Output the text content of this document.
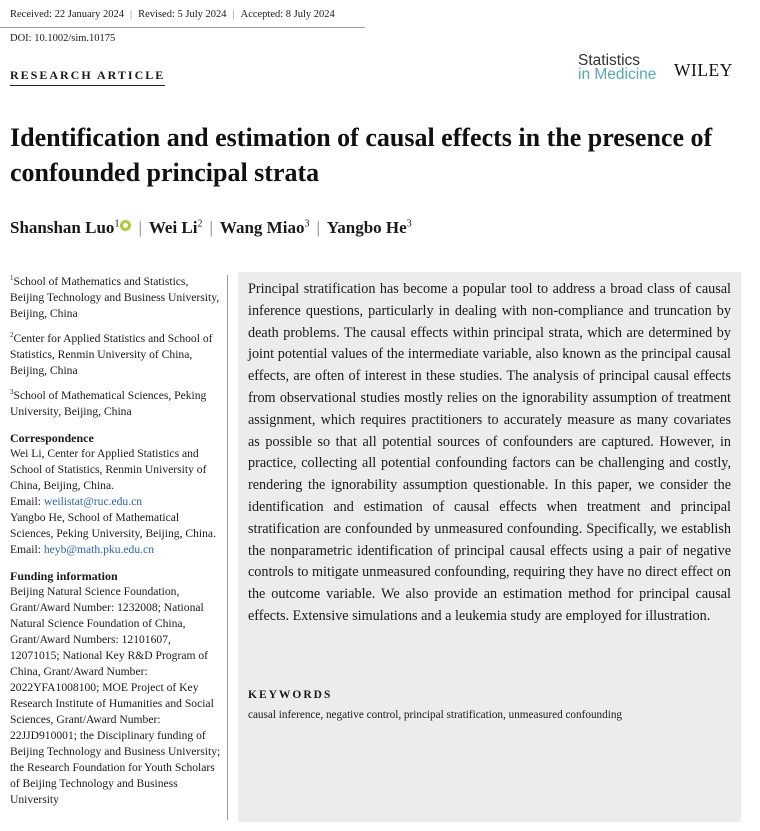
Received: 22 January 2024 | Revised: 5 July 2024 | Accepted: 8 July 2024
DOI: 10.1002/sim.10175
RESEARCH ARTICLE
Statistics
in Medicine WILEY
Identification and estimation of causal effects in the presence of confounded principal strata
Shanshan Luo$^1$ | Wei Li$^2$ | Wang Miao$^3$ | Yangbo He$^3$

$^1$School of Mathematics and Statistics, Beijing Technology and Business University, Beijing, China

$^2$Center for Applied Statistics and School of Statistics, Renmin University of China, Beijing, China

$^3$School of Mathematical Sciences, Peking University, Beijing, China

Correspondence

Wei Li, Center for Applied Statistics and School of Statistics, Renmin University of China, Beijing, China.

Email: weilistat@ruc.edu.cn

Yangbo He, School of Mathematical Sciences, Peking University, Beijing, China.

Email: heyb@math.pku.edu.cn

Funding information

Beijing Natural Science Foundation, Grant/Award Number: 1232008; National Natural Science Foundation of China, Grant/Award Numbers: 12101607, 12071015; National Key R&D Program of China, Grant/Award Number: 2022YFA1008100; MOE Project of Key Research Institute of Humanities and Social Sciences, Grant/Award Number: 22JJD910001; the Disciplinary funding of Beijing Technology and Business University; the Research Foundation for Youth Scholars of Beijing Technology and Business University

Principal stratification has become a popular tool to address a broad class of causal inference questions, particularly in dealing with non-compliance and truncation by death problems. The causal effects within principal strata, which are determined by joint potential values of the intermediate variable, also known as the principal causal effects, are often of interest in these studies. The analysis of principal causal effects from observational studies mostly relies on the ignorability assumption of treatment assignment, which requires practitioners to accurately measure as many covariates as possible so that all potential sources of confounders are captured. However, in practice, collecting all potential confounding factors can be challenging and costly, rendering the ignorability assumption questionable. In this paper, we consider the identification and estimation of causal effects when treatment and principal stratification are confounded by unmeasured confounding. Specifically, we establish the nonparametric identification of principal causal effects using a pair of negative controls to mitigate unmeasured confounding, requiring they have no direct effect on the outcome variable. We also provide an estimation method for principal causal effects. Extensive simulations and a leukemia study are employed for illustration.
KEYWORDS
causal inference, negative control, principal stratification, unmeasured confounding
